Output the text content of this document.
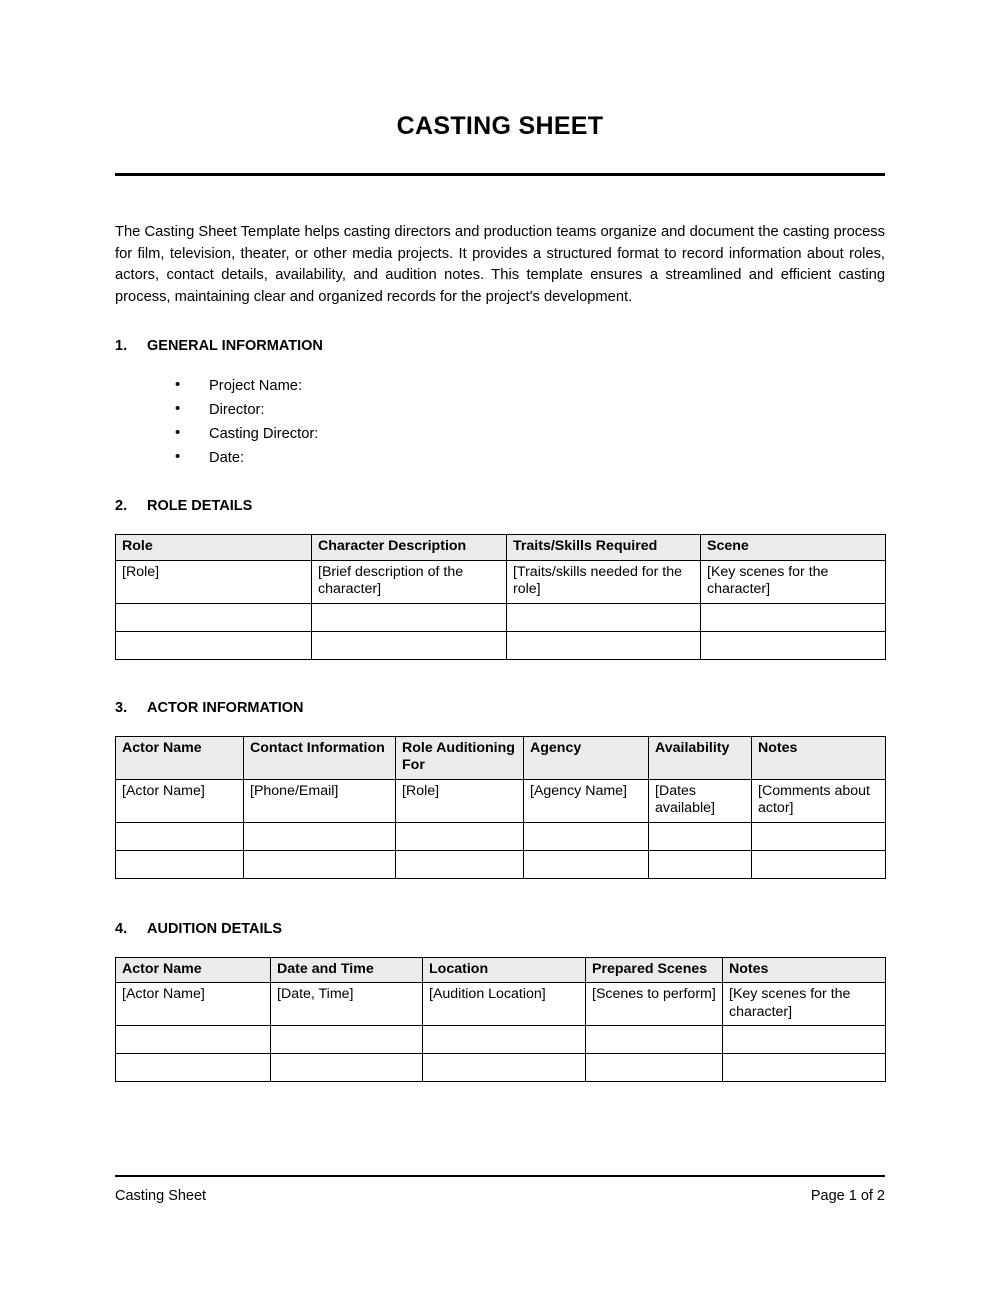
CASTING SHEET
The Casting Sheet Template helps casting directors and production teams organize and document the casting process for film, television, theater, or other media projects. It provides a structured format to record information about roles, actors, contact details, availability, and audition notes. This template ensures a streamlined and efficient casting process, maintaining clear and organized records for the project's development.
1.	GENERAL INFORMATION
• Project Name:
• Director:
• Casting Director:
• Date:
2.	ROLE DETAILS
Role	Character Description	Traits/Skills Required	Scene
[Role]	[Brief description of the character]	[Traits/skills needed for the role]	[Key scenes for the character]

3.	ACTOR INFORMATION
Actor Name	Contact Information	Role Auditioning For	Agency	Availability	Notes
[Actor Name]	[Phone/Email]	[Role]	[Agency Name]	[Dates available]	[Comments about actor]

4.	AUDITION DETAILS
Actor Name	Date and Time	Location	Prepared Scenes	Notes
[Actor Name]	[Date, Time]	[Audition Location]	[Scenes to perform]	[Key scenes for the character]

Casting Sheet	Page 1 of 2
